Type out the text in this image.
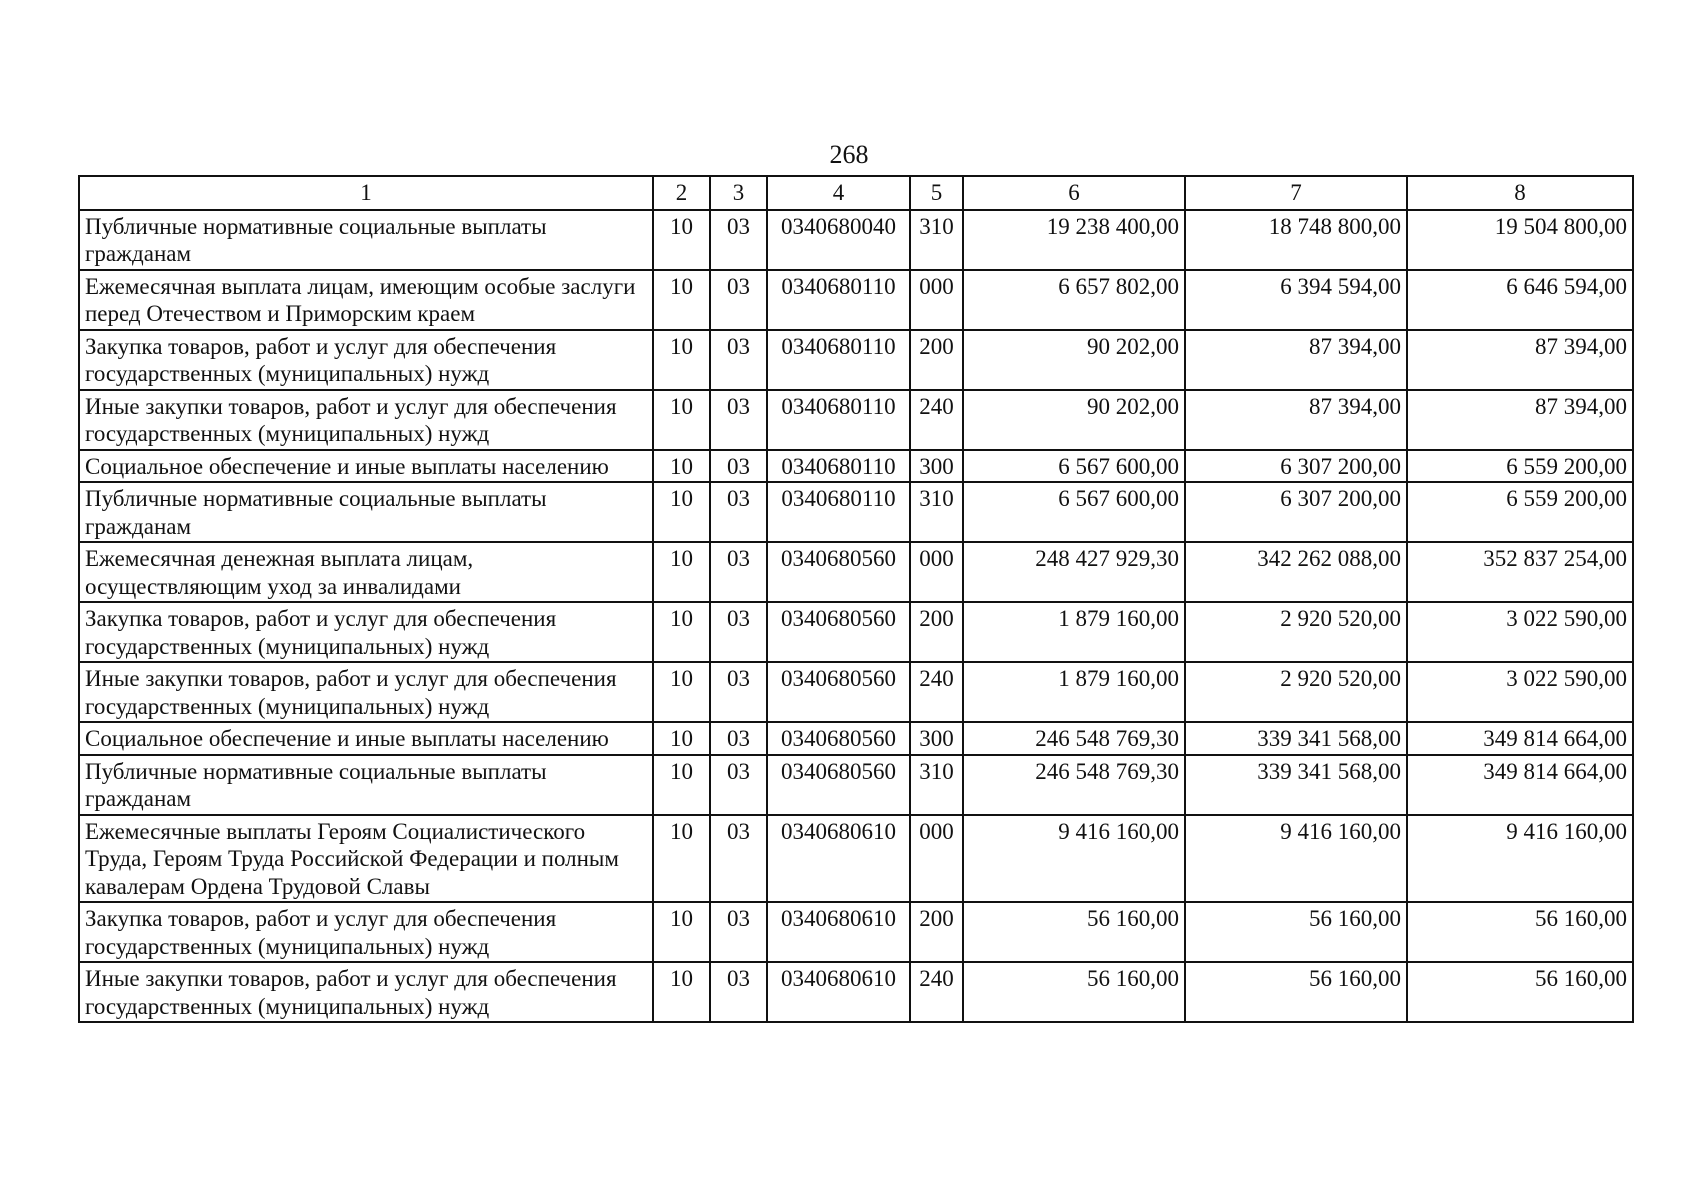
268
1	2	3	4	5	6	7	8
Публичные нормативные социальные выплаты гражданам	10	03	0340680040	310	19 238 400,00	18 748 800,00	19 504 800,00
Ежемесячная выплата лицам, имеющим особые заслуги перед Отечеством и Приморским краем	10	03	0340680110	000	6 657 802,00	6 394 594,00	6 646 594,00
Закупка товаров, работ и услуг для обеспечения государственных (муниципальных) нужд	10	03	0340680110	200	90 202,00	87 394,00	87 394,00
Иные закупки товаров, работ и услуг для обеспечения государственных (муниципальных) нужд	10	03	0340680110	240	90 202,00	87 394,00	87 394,00
Социальное обеспечение и иные выплаты населению	10	03	0340680110	300	6 567 600,00	6 307 200,00	6 559 200,00
Публичные нормативные социальные выплаты гражданам	10	03	0340680110	310	6 567 600,00	6 307 200,00	6 559 200,00
Ежемесячная денежная выплата лицам, осуществляющим уход за инвалидами	10	03	0340680560	000	248 427 929,30	342 262 088,00	352 837 254,00
Закупка товаров, работ и услуг для обеспечения государственных (муниципальных) нужд	10	03	0340680560	200	1 879 160,00	2 920 520,00	3 022 590,00
Иные закупки товаров, работ и услуг для обеспечения государственных (муниципальных) нужд	10	03	0340680560	240	1 879 160,00	2 920 520,00	3 022 590,00
Социальное обеспечение и иные выплаты населению	10	03	0340680560	300	246 548 769,30	339 341 568,00	349 814 664,00
Публичные нормативные социальные выплаты гражданам	10	03	0340680560	310	246 548 769,30	339 341 568,00	349 814 664,00
Ежемесячные выплаты Героям Социалистического Труда, Героям Труда Российской Федерации и полным кавалерам Ордена Трудовой Славы	10	03	0340680610	000	9 416 160,00	9 416 160,00	9 416 160,00
Закупка товаров, работ и услуг для обеспечения государственных (муниципальных) нужд	10	03	0340680610	200	56 160,00	56 160,00	56 160,00
Иные закупки товаров, работ и услуг для обеспечения государственных (муниципальных) нужд	10	03	0340680610	240	56 160,00	56 160,00	56 160,00
